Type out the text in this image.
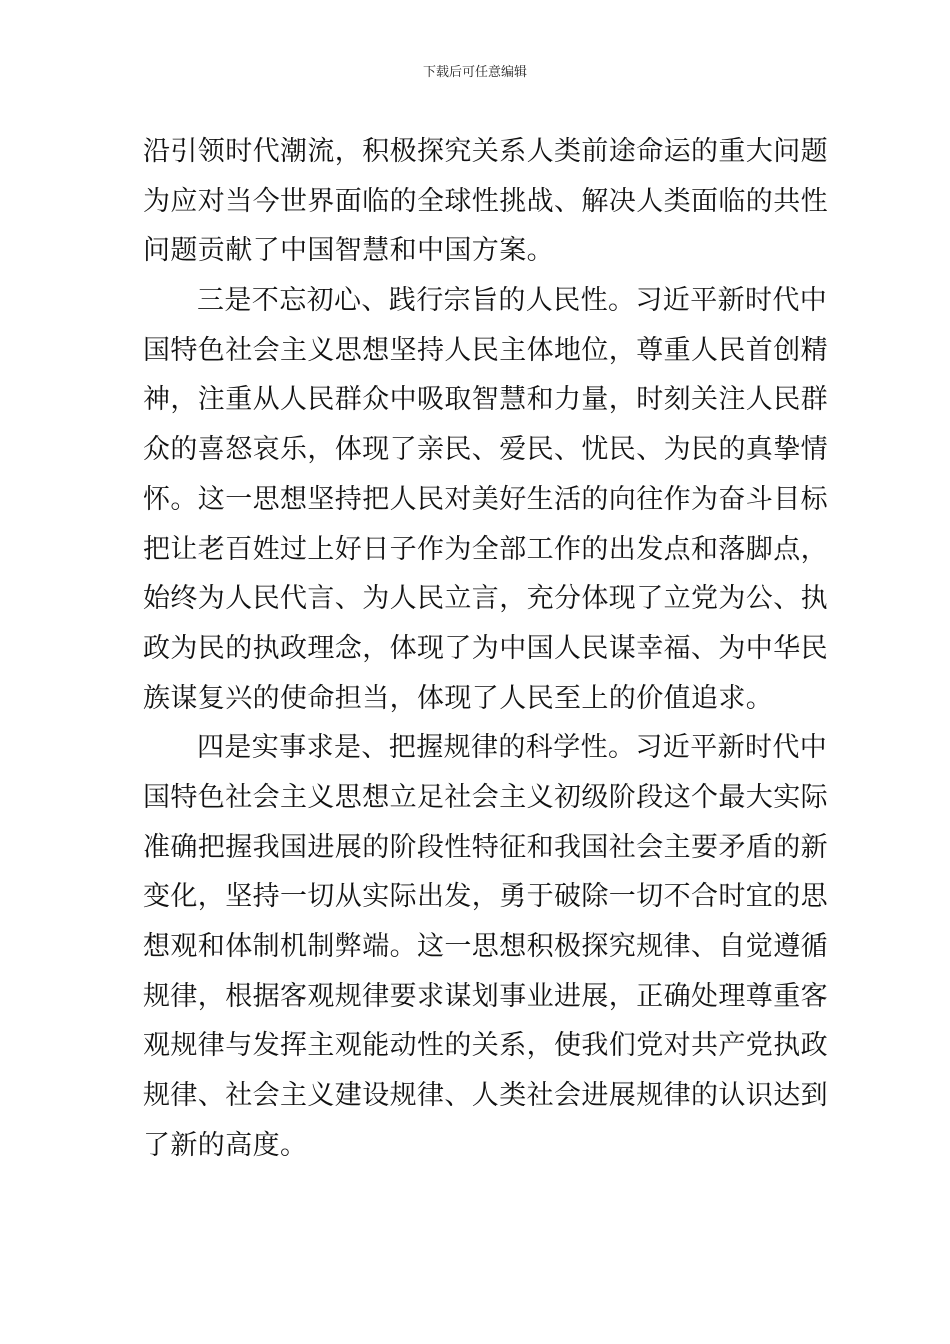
下载后可任意编辑
沿引领时代潮流，积极探究关系人类前途命运的重大问题
为应对当今世界面临的全球性挑战、解决人类面临的共性
问题贡献了中国智慧和中国方案。
三是不忘初心、践行宗旨的人民性。习近平新时代中
国特色社会主义思想坚持人民主体地位，尊重人民首创精
神，注重从人民群众中吸取智慧和力量，时刻关注人民群
众的喜怒哀乐，体现了亲民、爱民、忧民、为民的真挚情
怀。这一思想坚持把人民对美好生活的向往作为奋斗目标
把让老百姓过上好日子作为全部工作的出发点和落脚点，
始终为人民代言、为人民立言，充分体现了立党为公、执
政为民的执政理念，体现了为中国人民谋幸福、为中华民
族谋复兴的使命担当，体现了人民至上的价值追求。
四是实事求是、把握规律的科学性。习近平新时代中
国特色社会主义思想立足社会主义初级阶段这个最大实际
准确把握我国进展的阶段性特征和我国社会主要矛盾的新
变化，坚持一切从实际出发，勇于破除一切不合时宜的思
想观和体制机制弊端。这一思想积极探究规律、自觉遵循
规律，根据客观规律要求谋划事业进展，正确处理尊重客
观规律与发挥主观能动性的关系，使我们党对共产党执政
规律、社会主义建设规律、人类社会进展规律的认识达到
了新的高度。
